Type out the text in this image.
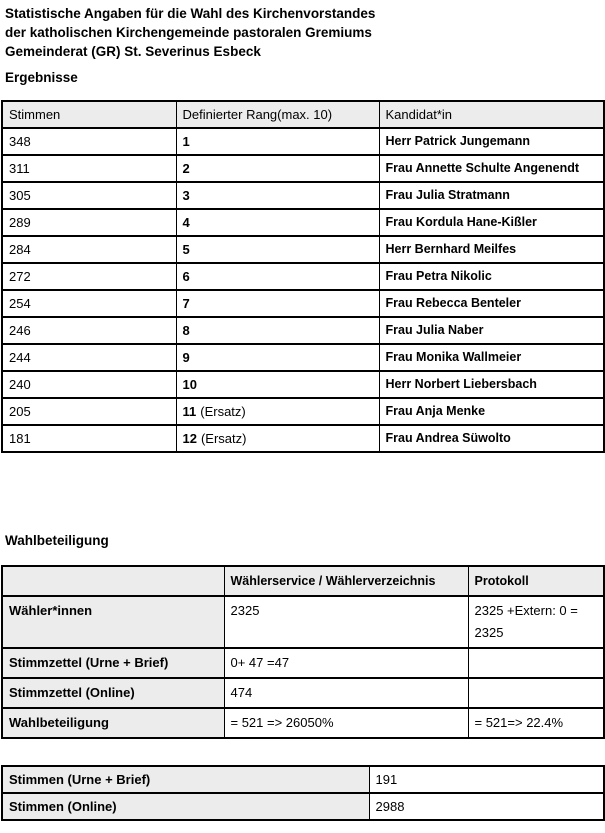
Statistische Angaben für die Wahl des Kirchenvorstandes
der katholischen Kirchengemeinde pastoralen Gremiums
Gemeinderat (GR) St. Severinus Esbeck
Ergebnisse
Stimmen	Definierter Rang(max. 10)	Kandidat*in
348	1	Herr Patrick Jungemann
311	2	Frau Annette Schulte Angenendt
305	3	Frau Julia Stratmann
289	4	Frau Kordula Hane-Kißler
284	5	Herr Bernhard Meilfes
272	6	Frau Petra Nikolic
254	7	Frau Rebecca Benteler
246	8	Frau Julia Naber
244	9	Frau Monika Wallmeier
240	10	Herr Norbert Liebersbach
205	11 (Ersatz)	Frau Anja Menke
181	12 (Ersatz)	Frau Andrea Süwolto
Wahlbeteiligung
	Wählerservice / Wählerverzeichnis	Protokoll
Wähler*innen	2325	2325 +Extern: 0 = 2325
Stimmzettel (Urne + Brief)	0+ 47 =47	
Stimmzettel (Online)	474	
Wahlbeteiligung	= 521 => 26050%	= 521=> 22.4%
Stimmen (Urne + Brief)	191
Stimmen (Online)	2988
